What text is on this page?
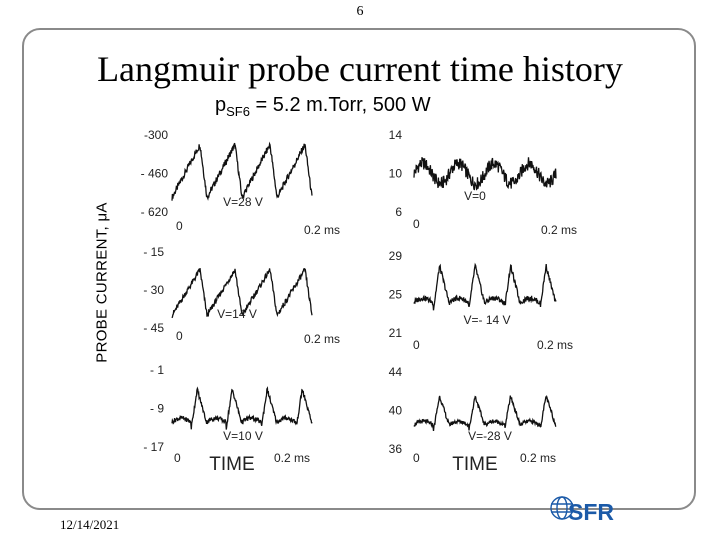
6
Langmuir probe current time history
$p_{SF6} = 5.2$ m.Torr, 500 W
PROBE CURRENT, μA
-300
- 460
- 620
0	0.2 ms
V=28 V
14
10
6
0	0.2 ms
V=0
- 15
- 30
- 45
0	0.2 ms
V=14 V
29
25
21
0	0.2 ms
V=- 14 V
- 1
- 9
- 17
0	0.2 ms
TIME
V=10 V
44
40
36
0	0.2 ms
TIME
V=-28 V
12/14/2021	SFR
